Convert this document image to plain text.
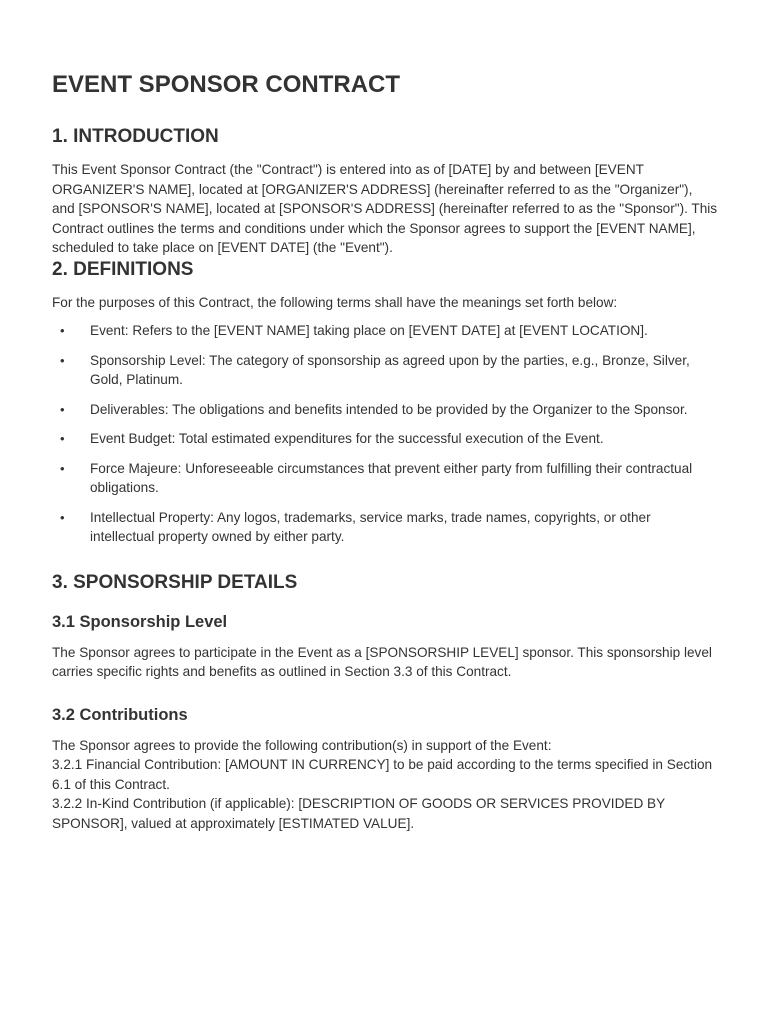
EVENT SPONSOR CONTRACT
1. INTRODUCTION

This Event Sponsor Contract (the "Contract") is entered into as of [DATE] by and between [EVENT ORGANIZER'S NAME], located at [ORGANIZER'S ADDRESS] (hereinafter referred to as the "Organizer"), and [SPONSOR'S NAME], located at [SPONSOR'S ADDRESS] (hereinafter referred to as the "Sponsor"). This Contract outlines the terms and conditions under which the Sponsor agrees to support the [EVENT NAME], scheduled to take place on [EVENT DATE] (the "Event").

2. DEFINITIONS

For the purposes of this Contract, the following terms shall have the meanings set forth below:

• Event: Refers to the [EVENT NAME] taking place on [EVENT DATE] at [EVENT LOCATION].
• Sponsorship Level: The category of sponsorship as agreed upon by the parties, e.g., Bronze, Silver, Gold, Platinum.
• Deliverables: The obligations and benefits intended to be provided by the Organizer to the Sponsor.
• Event Budget: Total estimated expenditures for the successful execution of the Event.
• Force Majeure: Unforeseeable circumstances that prevent either party from fulfilling their contractual obligations.
• Intellectual Property: Any logos, trademarks, service marks, trade names, copyrights, or other intellectual property owned by either party.
3. SPONSORSHIP DETAILS
3.1 Sponsorship Level

The Sponsor agrees to participate in the Event as a [SPONSORSHIP LEVEL] sponsor. This sponsorship level carries specific rights and benefits as outlined in Section 3.3 of this Contract.

3.2 Contributions

The Sponsor agrees to provide the following contribution(s) in support of the Event:

3.2.1 Financial Contribution: [AMOUNT IN CURRENCY] to be paid according to the terms specified in Section 6.1 of this Contract.

3.2.2 In-Kind Contribution (if applicable): [DESCRIPTION OF GOODS OR SERVICES PROVIDED BY SPONSOR], valued at approximately [ESTIMATED VALUE].
